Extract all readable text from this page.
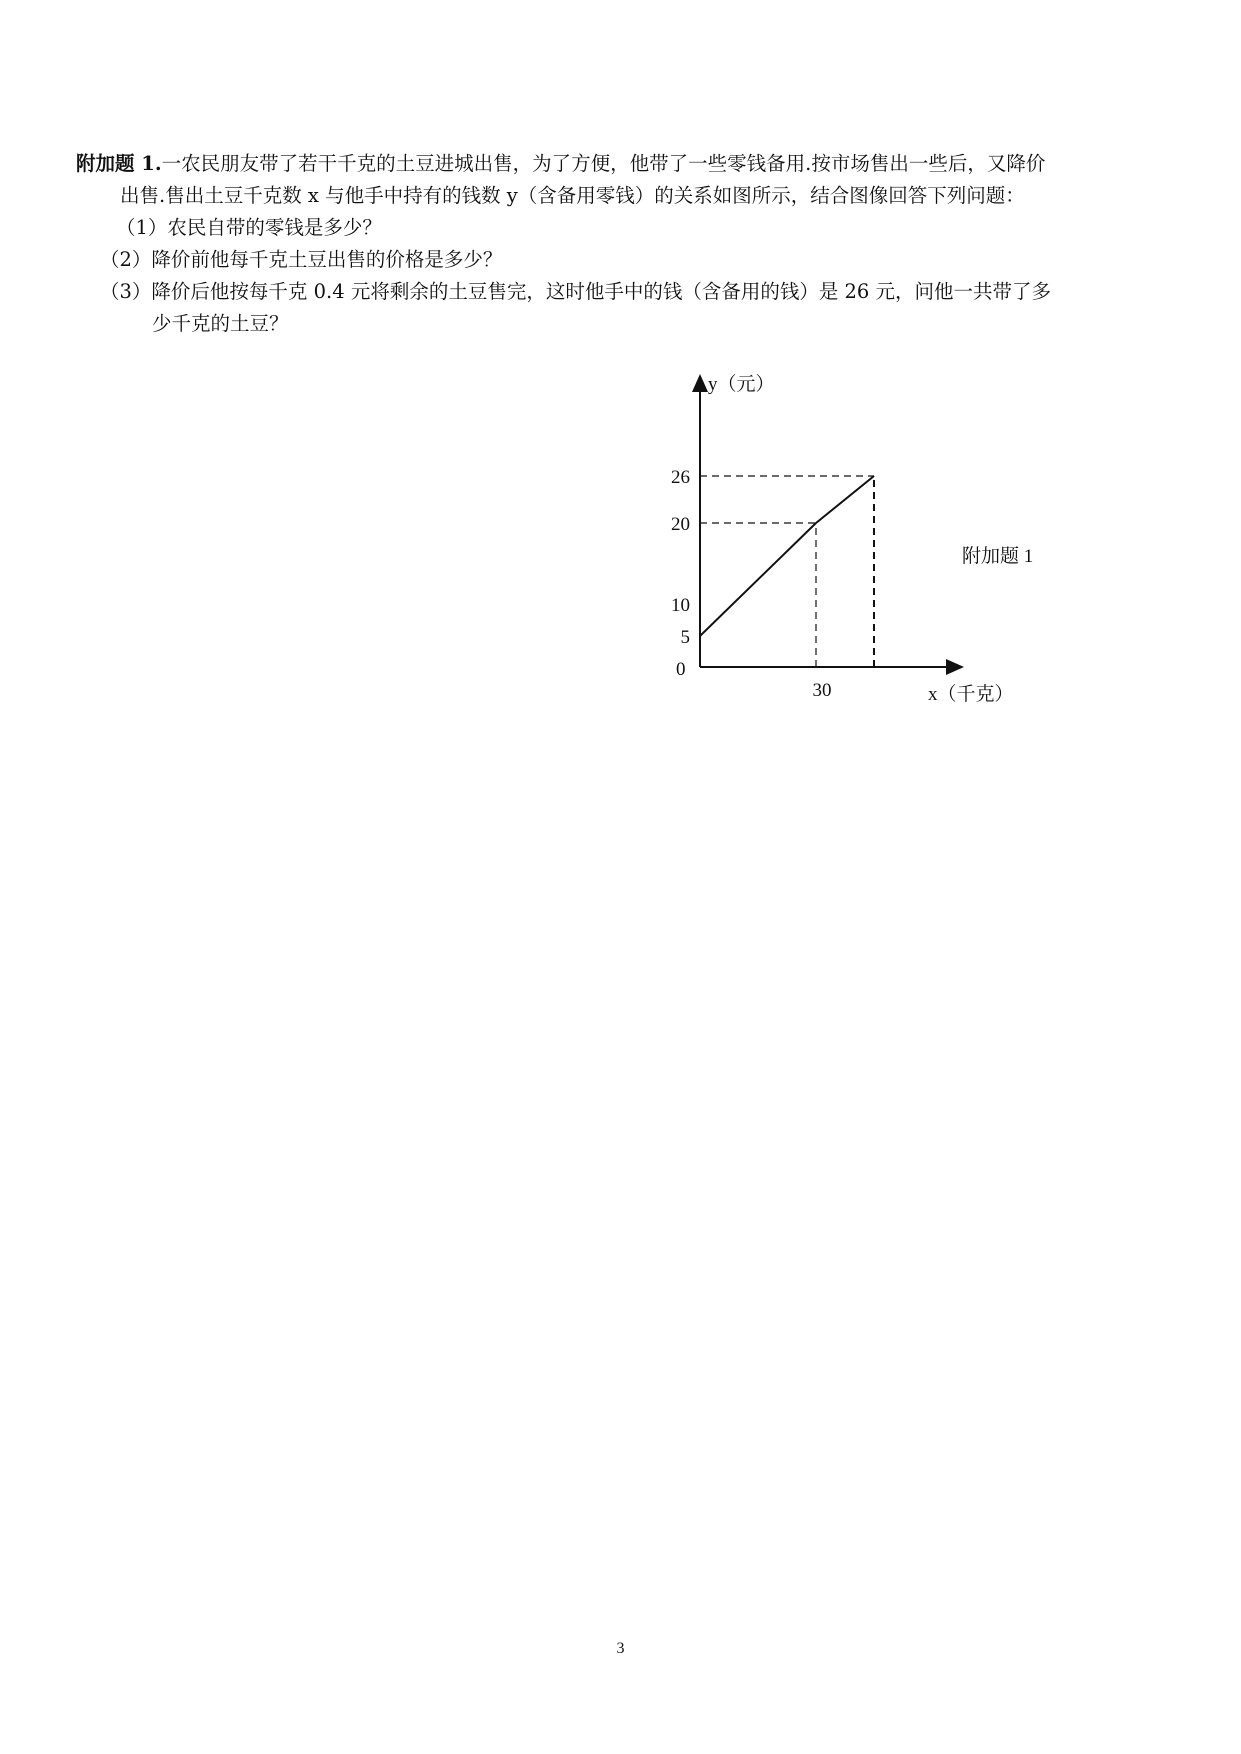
附加题 1.一农民朋友带了若干千克的土豆进城出售，为了方便，他带了一些零钱备用.按市场售出一些后，又降价
出售.售出土豆千克数 x 与他手中持有的钱数 y（含备用零钱）的关系如图所示，结合图像回答下列问题：
（1）农民自带的零钱是多少？
（2）降价前他每千克土豆出售的价格是多少？
（3）降价后他按每千克 0.4 元将剩余的土豆售完，这时他手中的钱（含备用的钱）是 26 元，问他一共带了多
少千克的土豆？
5
10
20
26
30
y（元）
x（千克）
0
附加题 1
3
